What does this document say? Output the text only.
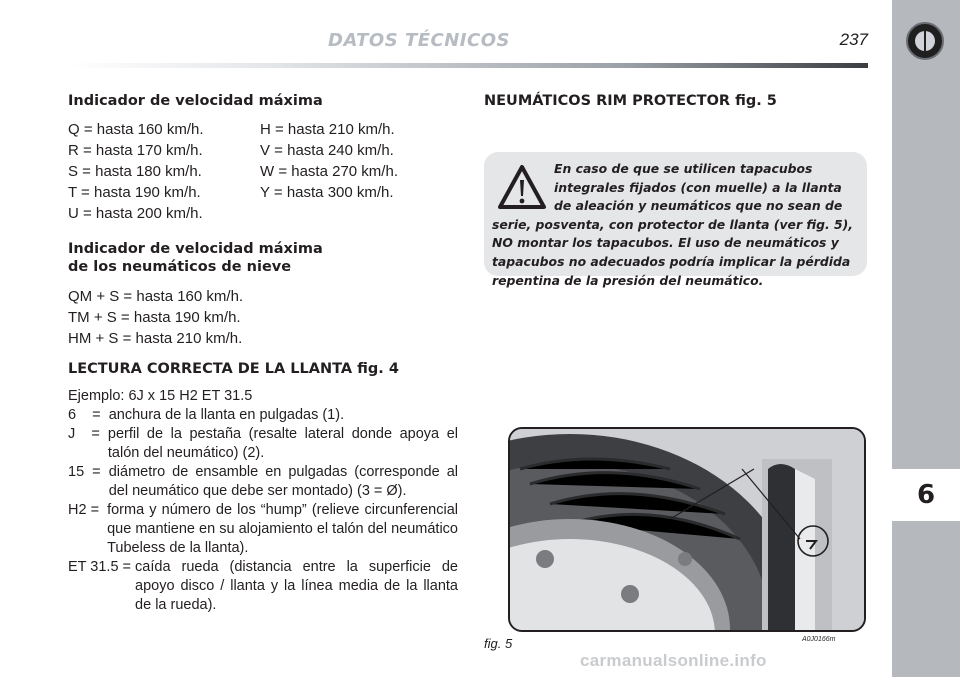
DATOS TÉCNICOS	237
6
Indicador de velocidad máxima
Q = hasta 160 km/h.	H = hasta 210 km/h.
R = hasta 170 km/h.	V = hasta 240 km/h.
S = hasta 180 km/h.	W = hasta 270 km/h.
T = hasta 190 km/h.	Y = hasta 300 km/h.
U = hasta 200 km/h.
Indicador de velocidad máxima
de los neumáticos de nieve
QM + S = hasta 160 km/h.
TM + S = hasta 190 km/h.
HM + S = hasta 210 km/h.
LECTURA CORRECTA DE LA LLANTA fig. 4
Ejemplo: 6J x 15 H2 ET 31.5
6    = anchura de la llanta en pulgadas (1).
J    = perfil de la pestaña (resalte lateral donde apoya el talón del neumático) (2).
15  = diámetro de ensamble en pulgadas (corresponde al del neumático que debe ser montado) (3 = Ø).
H2 = forma y número de los “hump” (relieve circunferencial que mantiene en su alojamiento el talón del neumático Tubeless de la llanta).
ET 31.5 = caída rueda (distancia entre la superficie de apoyo disco / llanta y la línea media de la llanta de la rueda).
NEUMÁTICOS RIM PROTECTOR fig. 5
En caso de que se utilicen tapacubos integrales fijados (con muelle) a la llanta de aleación y neumáticos que no sean de serie, posventa, con protector de llanta (ver fig. 5), NO montar los tapacubos. El uso de neumáticos y tapacubos no adecuados podría implicar la pérdida repentina de la presión del neumático.
fig. 5	A0J0166m
carmanualsonline.info
